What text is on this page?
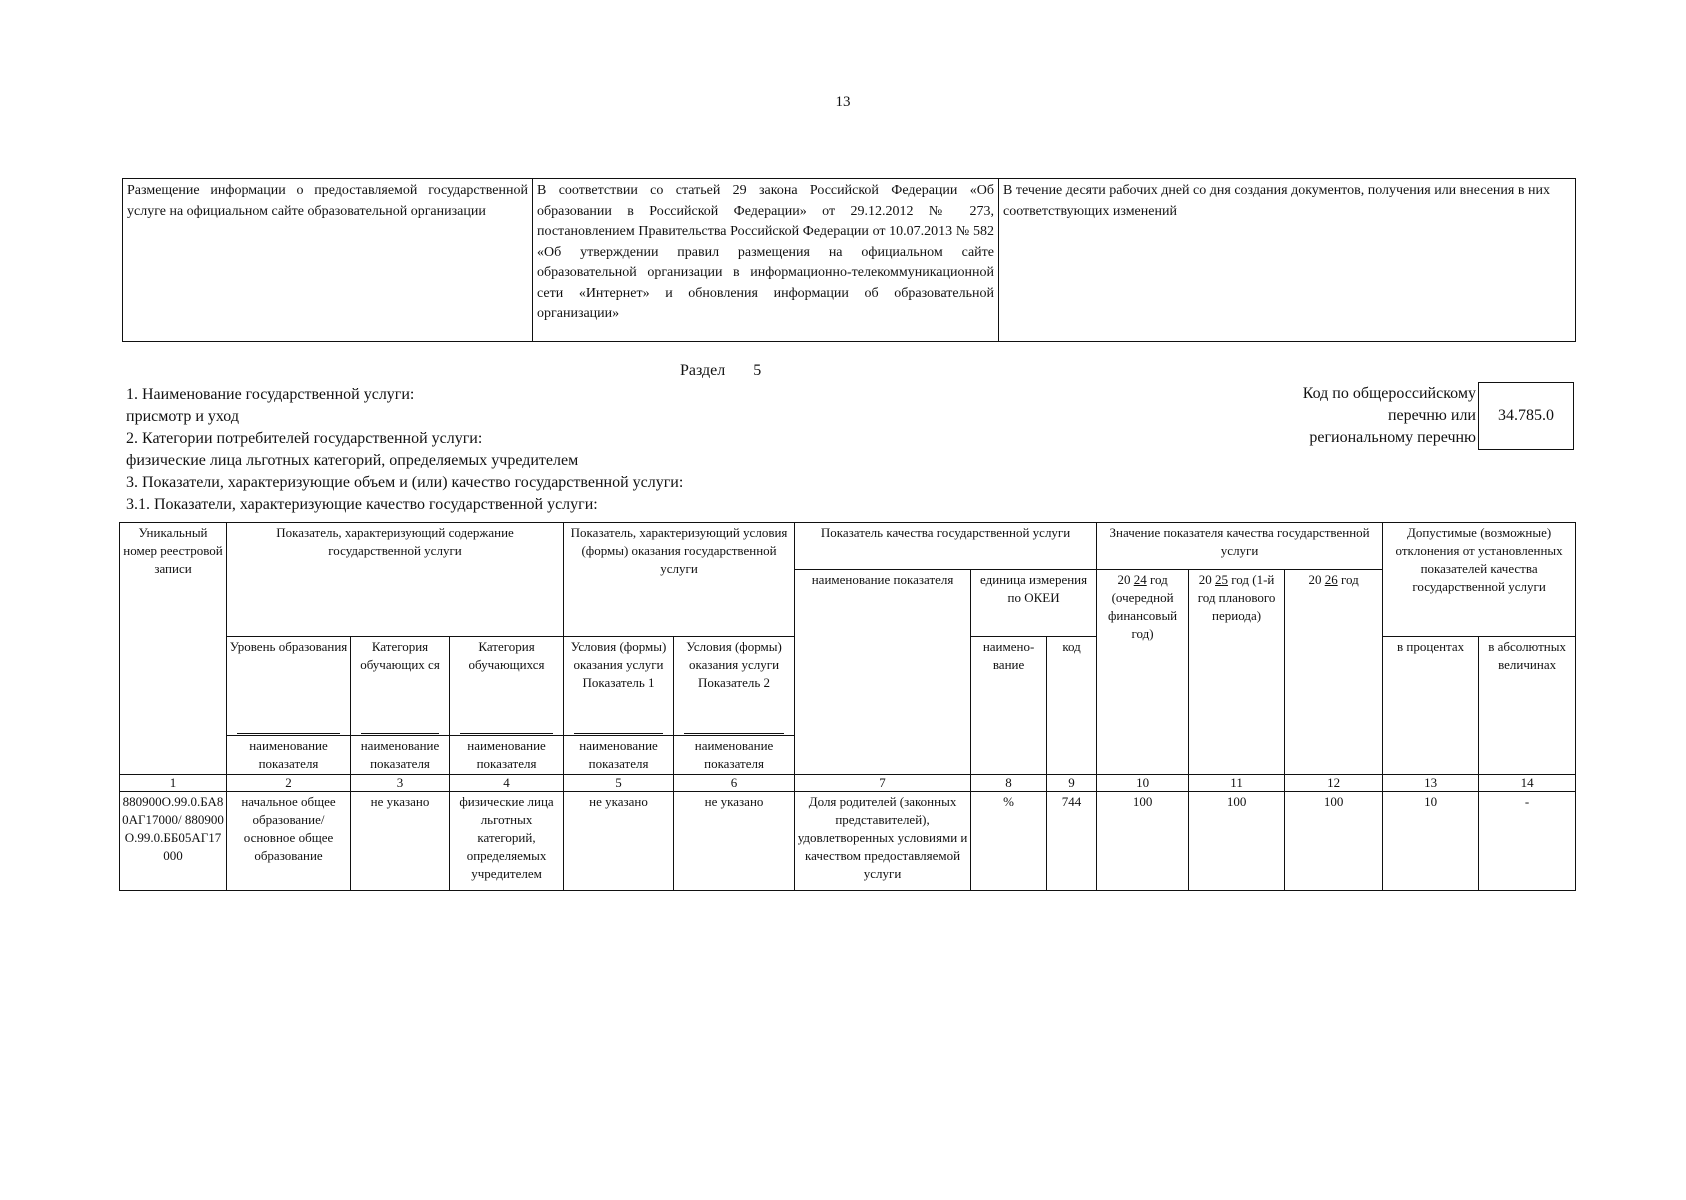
13
Размещение информации о предоставляемой государственной услуге на официальном сайте образовательной организации	В соответствии со статьей 29 закона Российской Федерации «Об образовании в Российской Федерации» от 29.12.2012 № 273, постановлением Правительства Российской Федерации от 10.07.2013 № 582 «Об утверждении правил размещения на официальном сайте образовательной организации в информационно-телекоммуникационной сети «Интернет» и обновления информации об образовательной организации»	В течение десяти рабочих дней со дня создания документов, получения или внесения в них соответствующих изменений
Раздел 5
1. Наименование государственной услуги:
присмотр и уход
2. Категории потребителей государственной услуги:
физические лица льготных категорий, определяемых учредителем
3. Показатели, характеризующие объем и (или) качество государственной услуги:
3.1. Показатели, характеризующие качество государственной услуги:
Код по общероссийскому
перечню или
региональному перечню
34.785.0
Уникальный номер реестровой записи	Показатель, характеризующий содержание государственной услуги			Показатель, характеризующий условия (формы) оказания государственной услуги		Показатель качества государственной услуги			Значение показателя качества государственной услуги			Допустимые (возможные) отклонения от установленных показателей качества государственной услуги	
						наименование показателя	единица измерения по ОКЕИ		20 24 год (очередной финансовый год)	20 25 год (1-й год планового периода)	20 26 год		
	Уровень образования	Категория обучающих ся	Категория обучающихся	Условия (формы) оказания услуги Показатель 1	Условия (формы) оказания услуги Показатель 2		наимено-вание	код				в процентах	в абсолютных величинах
	наименование показателя	наименование показателя	наименование показателя	наименование показателя	наименование показателя								
1	2	3	4	5	6	7	8	9	10	11	12	13	14
880900О.99.0.БА80АГ17000/ 880900О.99.0.ББ05АГ17000	начальное общее образование/основное общее образование	не указано	физические лица льготных категорий, определяемых учредителем	не указано	не указано	Доля родителей (законных представителей), удовлетворенных условиями и качеством предоставляемой услуги	%	744	100	100	100	10	-
